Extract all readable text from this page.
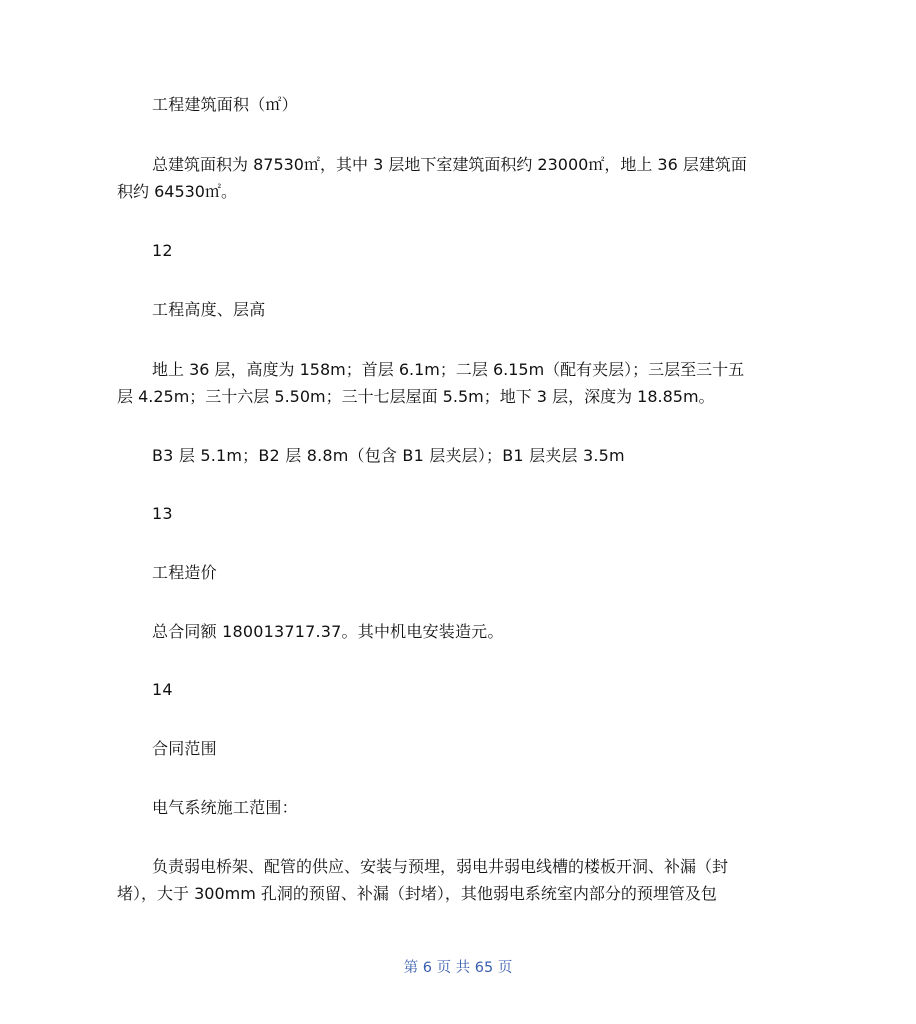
工程建筑面积（㎡）
总建筑面积为 87530㎡，其中 3 层地下室建筑面积约 23000㎡，地上 36 层建筑面
积约 64530㎡。
12
工程高度、层高
地上 36 层，高度为 158m；首层 6.1m；二层 6.15m（配有夹层）；三层至三十五
层 4.25m；三十六层 5.50m；三十七层屋面 5.5m；地下 3 层，深度为 18.85m。
B3 层 5.1m；B2 层 8.8m（包含 B1 层夹层）；B1 层夹层 3.5m
13
工程造价
总合同额 180013717.37。其中机电安装造元。
14
合同范围
电气系统施工范围：
负责弱电桥架、配管的供应、安装与预埋，弱电井弱电线槽的楼板开洞、补漏（封
堵），大于 300mm 孔洞的预留、补漏（封堵），其他弱电系统室内部分的预埋管及包
第 6 页 共 65 页
